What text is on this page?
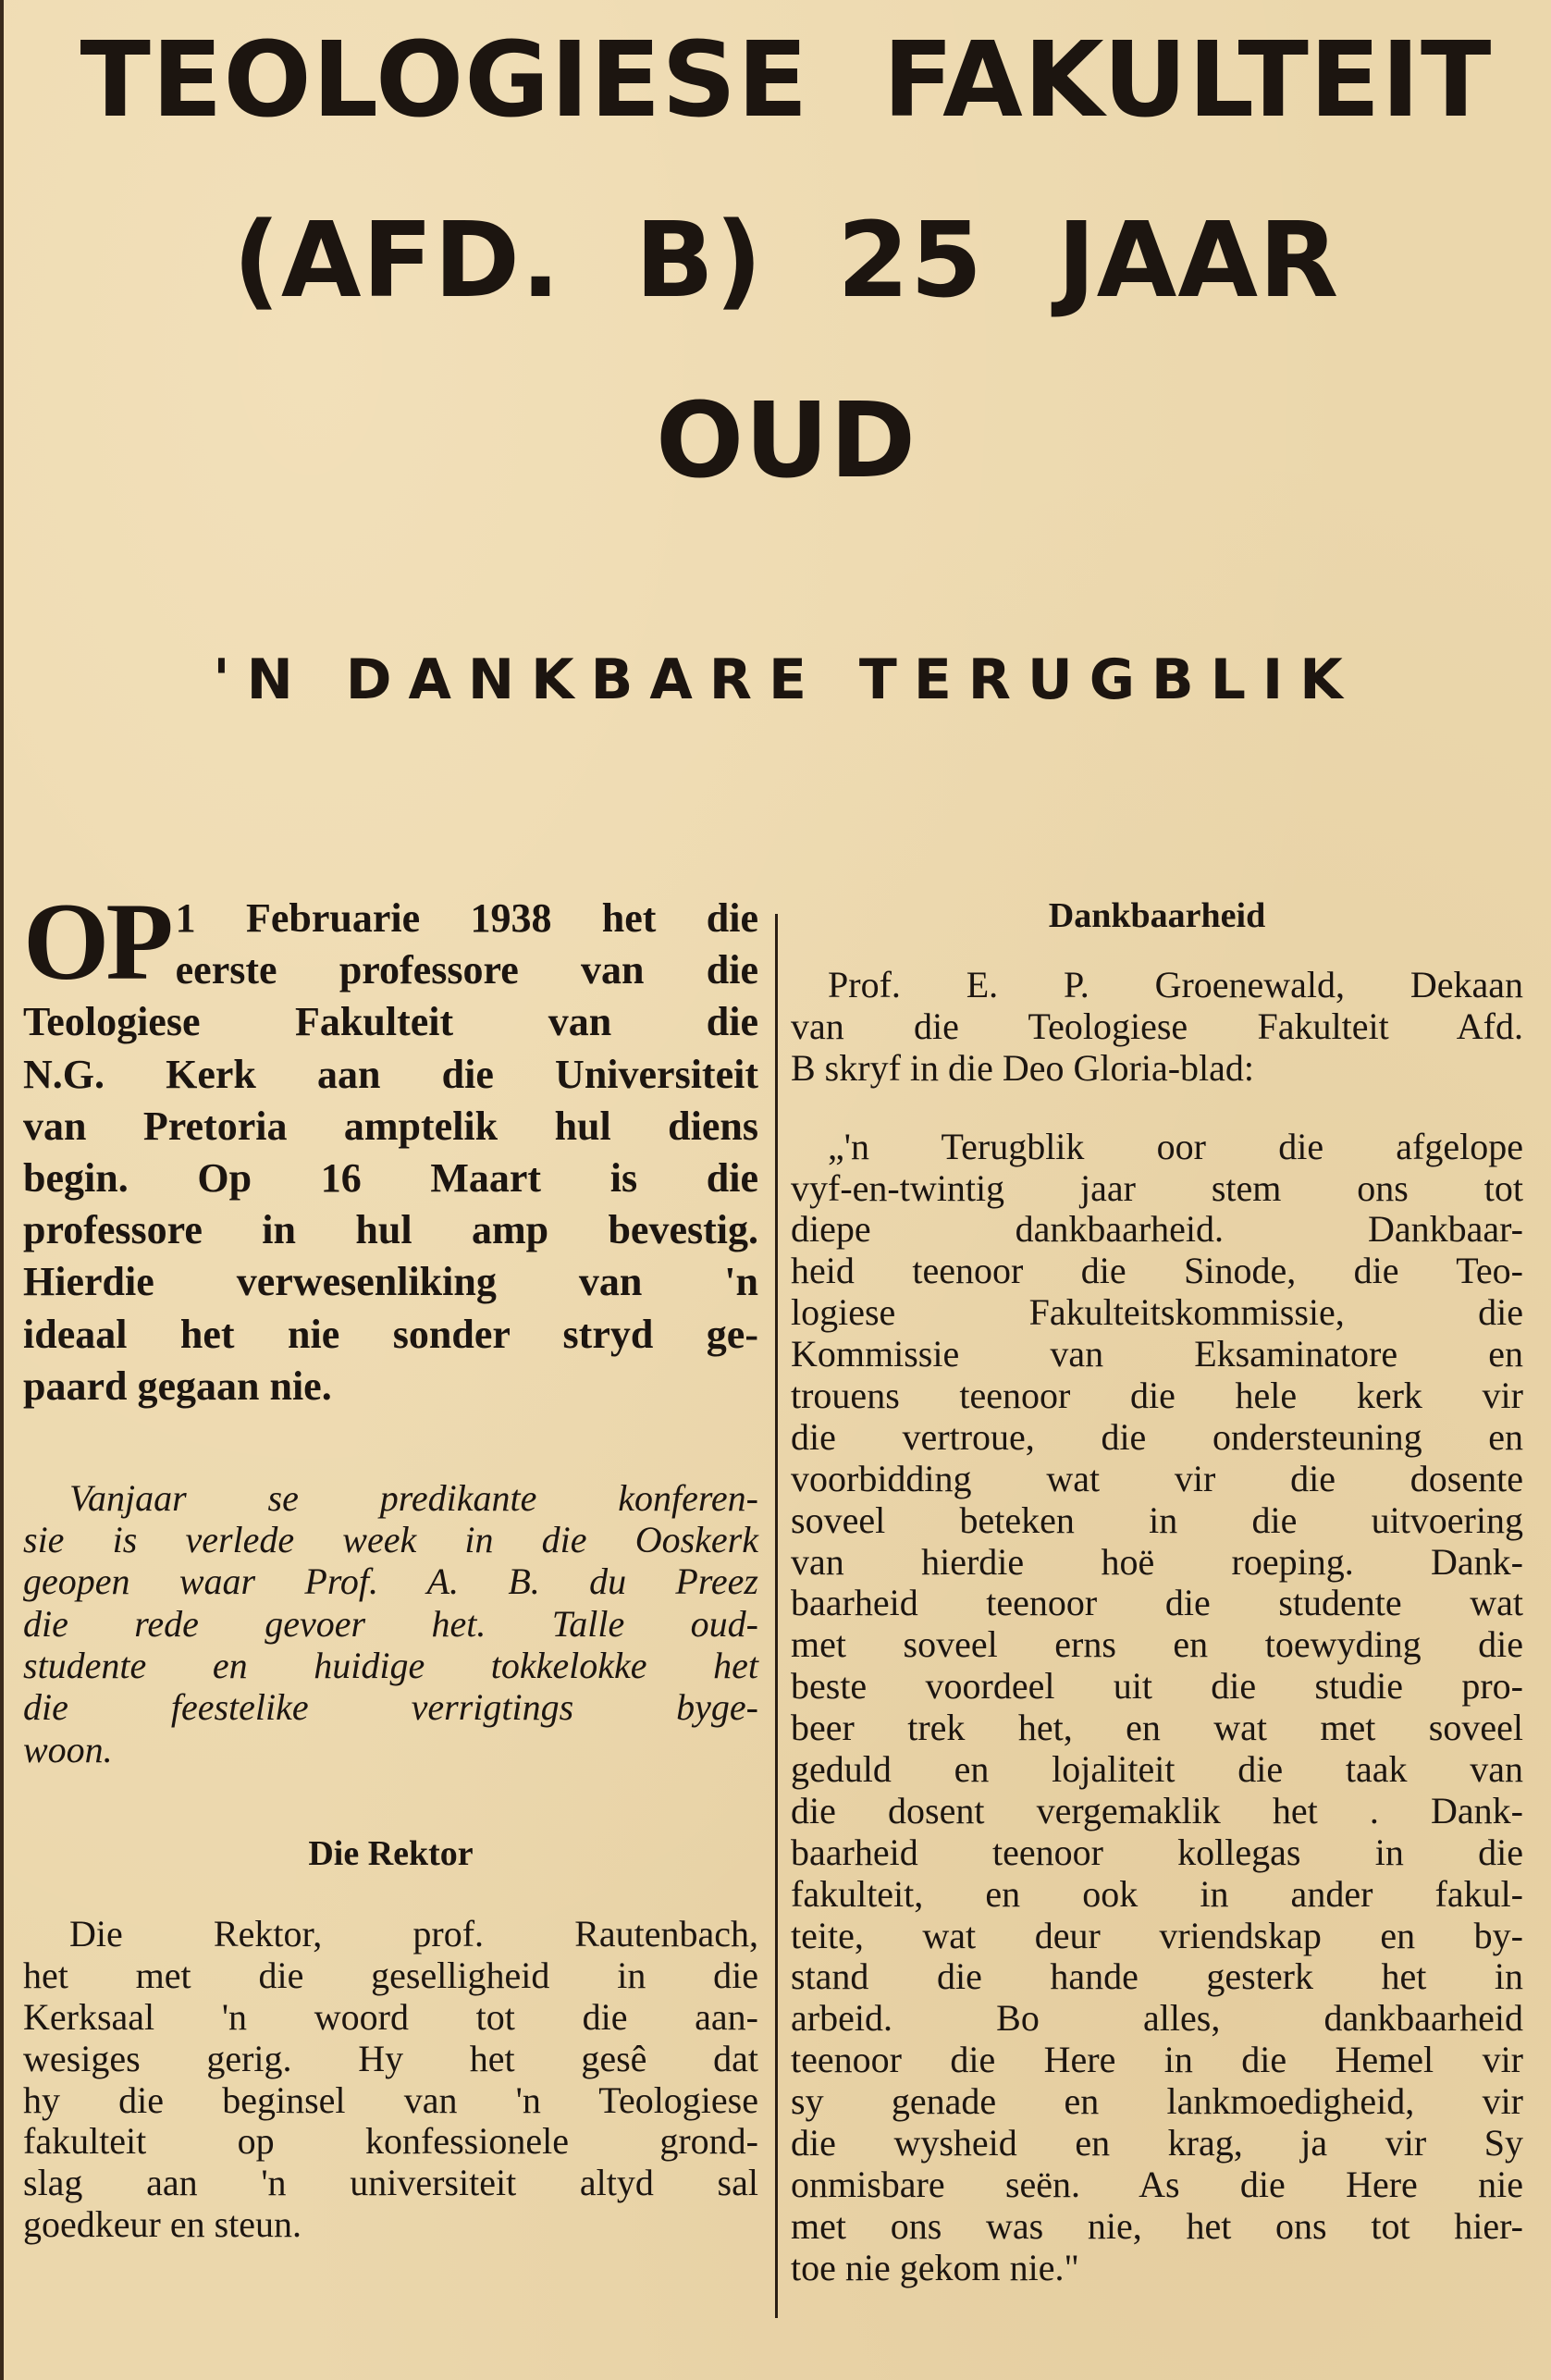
TEOLOGIESE FAKULTEIT
(AFD. B) 25 JAAR
OUD
'N DANKBARE TERUGBLIK
OP 1 Februarie 1938 het die
eerste professore van die
Teologiese Fakulteit van die
N.G. Kerk aan die Universiteit
van Pretoria amptelik hul diens
begin. Op 16 Maart is die
professore in hul amp bevestig.
Hierdie verwesenliking van 'n
ideaal het nie sonder stryd ge-
paard gegaan nie.
Vanjaar se predikante konferen-
sie is verlede week in die Ooskerk
geopen waar Prof. A. B. du Preez
die rede gevoer het. Talle oud-
studente en huidige tokkelokke het
die feestelike verrigtings byge-
woon.
Die Rektor
Die Rektor, prof. Rautenbach,
het met die geselligheid in die
Kerksaal 'n woord tot die aan-
wesiges gerig. Hy het gesê dat
hy die beginsel van 'n Teologiese
fakulteit op konfessionele grond-
slag aan 'n universiteit altyd sal
goedkeur en steun.
Dankbaarheid
Prof. E. P. Groenewald, Dekaan
van die Teologiese Fakulteit Afd.
B skryf in die Deo Gloria-blad:
„'n Terugblik oor die afgelope
vyf-en-twintig jaar stem ons tot
diepe dankbaarheid. Dankbaar-
heid teenoor die Sinode, die Teo-
logiese Fakulteitskommissie, die
Kommissie van Eksaminatore en
trouens teenoor die hele kerk vir
die vertroue, die ondersteuning en
voorbidding wat vir die dosente
soveel beteken in die uitvoering
van hierdie hoë roeping. Dank-
baarheid teenoor die studente wat
met soveel erns en toewyding die
beste voordeel uit die studie pro-
beer trek het, en wat met soveel
geduld en lojaliteit die taak van
die dosent vergemaklik het . Dank-
baarheid teenoor kollegas in die
fakulteit, en ook in ander fakul-
teite, wat deur vriendskap en by-
stand die hande gesterk het in
arbeid. Bo alles, dankbaarheid
teenoor die Here in die Hemel vir
sy genade en lankmoedigheid, vir
die wysheid en krag, ja vir Sy
onmisbare seën. As die Here nie
met ons was nie, het ons tot hier-
toe nie gekom nie."
